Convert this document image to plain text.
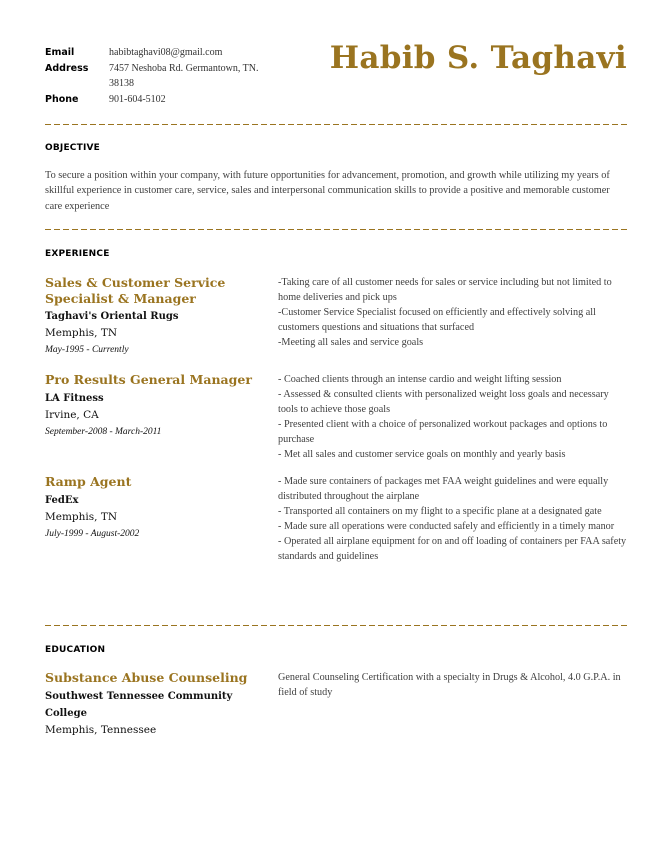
Email	habibtaghavi08@gmail.com
Address	7457 Neshoba Rd. Germantown, TN. 38138
Phone	901-604-5102
Habib S. Taghavi
OBJECTIVE
To secure a position within your company, with future opportunities for advancement, promotion, and growth while utilizing my years of skillful experience in customer care, service, sales and interpersonal communication skills to provide a positive and memorable customer care experience
EXPERIENCE
Sales & Customer Service Specialist & Manager
Taghavi's Oriental Rugs
Memphis, TN
May-1995 - Currently
-Taking care of all customer needs for sales or service including but not limited to home deliveries and pick ups
-Customer Service Specialist focused on efficiently and effectively solving all customers questions and situations that surfaced
-Meeting all sales and service goals
Pro Results General Manager
LA Fitness
Irvine, CA
September-2008 - March-2011
- Coached clients through an intense cardio and weight lifting session
- Assessed & consulted clients with personalized weight loss goals and necessary tools to achieve those goals
- Presented client with a choice of personalized workout packages and options to purchase
- Met all sales and customer service goals on monthly and yearly basis
Ramp Agent
FedEx
Memphis, TN
July-1999 - August-2002
- Made sure containers of packages met FAA weight guidelines and were equally distributed throughout the airplane
- Transported all containers on my flight to a specific plane at a designated gate
- Made sure all operations were conducted safely and efficiently in a timely manor
- Operated all airplane equipment for on and off loading of containers per FAA safety standards and guidelines
EDUCATION
Substance Abuse Counseling
Southwest Tennessee Community College
Memphis, Tennessee
General Counseling Certification with a specialty in Drugs & Alcohol, 4.0 G.P.A. in field of study
